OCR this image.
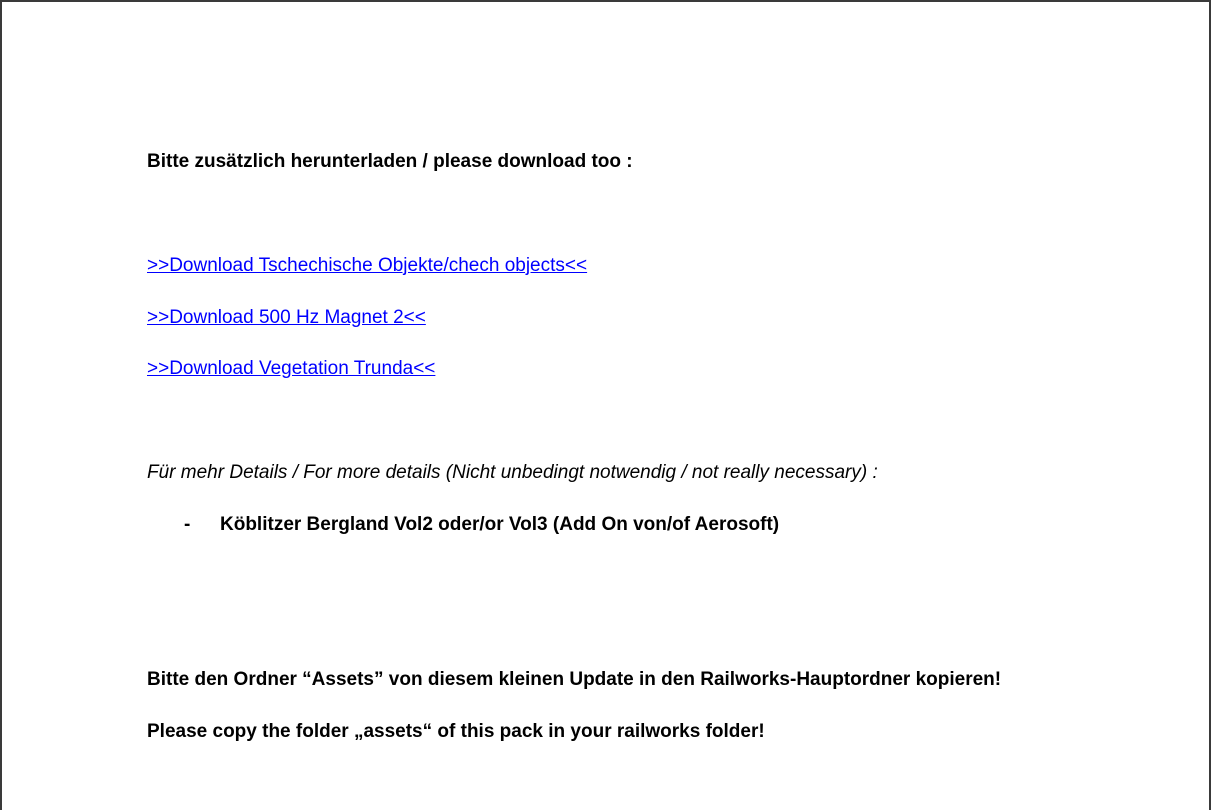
Bitte zusätzlich herunterladen / please download too :
>>Download Tschechische Objekte/chech objects<<
>>Download 500 Hz Magnet 2<<
>>Download Vegetation Trunda<<
Für mehr Details / For more details (Nicht unbedingt notwendig / not really necessary) :
- Köblitzer Bergland Vol2 oder/or Vol3 (Add On von/of Aerosoft)
Bitte den Ordner “Assets” von diesem kleinen Update in den Railworks-Hauptordner kopieren!
Please copy the folder „assets“ of this pack in your railworks folder!
